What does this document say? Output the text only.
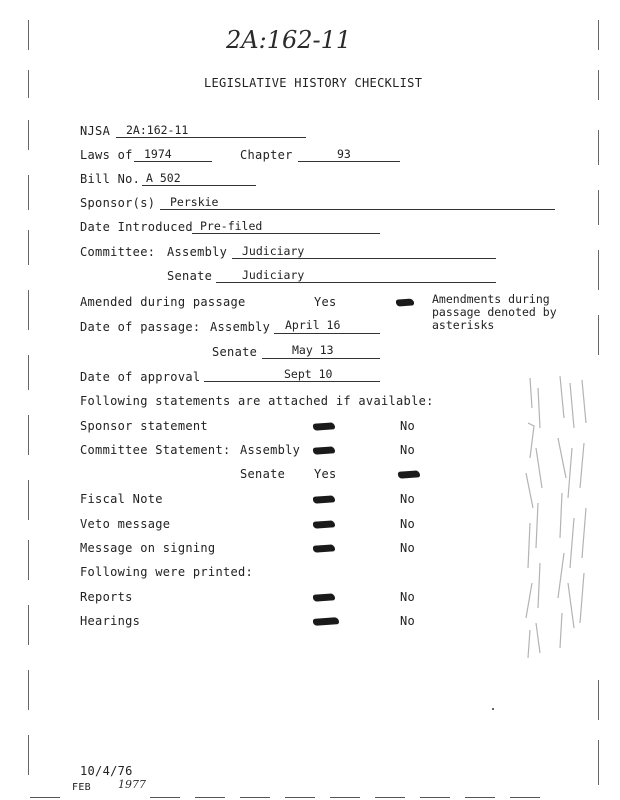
2A:162-11
LEGISLATIVE HISTORY CHECKLIST
NJSA 2A:162-11
Laws of 1974	Chapter	93
Bill No. A 502
Sponsor(s) Perskie
Date Introduced Pre-filed
Committee: Assembly Judiciary
Senate	Judiciary
Amended during passage	Yes	Amendments during
passage denoted by
asterisks
Date of passage: Assembly April 16
Senate	May 13
Date of approval	Sept 10
Following statements are attached if available:
Sponsor statement	No
Committee Statement: Assembly	No
Senate Yes
Fiscal Note	No
Veto message	No
Message on signing	No
Following were printed:
Reports	No
Hearings	No
10/4/76
FEB 1977
